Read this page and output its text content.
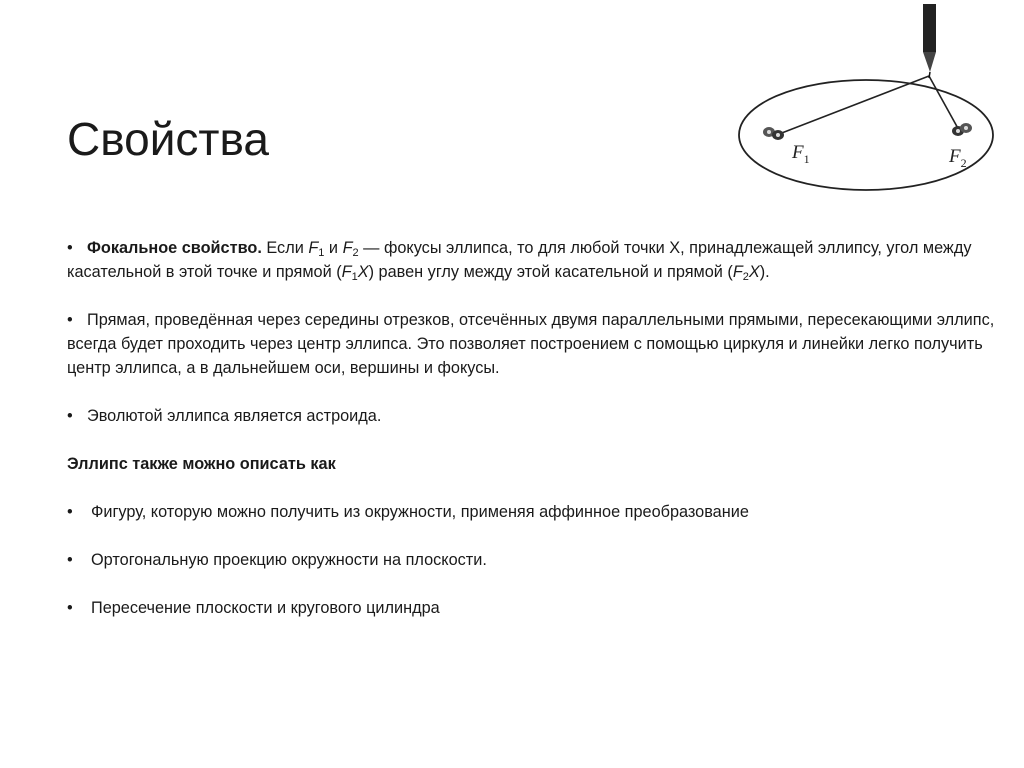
Свойства	$F_1$	$F_2$

• Фокальное свойство. Если $F_1$ и $F_2$ — фокусы эллипса, то для любой точки X, принадлежащей эллипсу, угол между касательной в этой точке и прямой $(F_1X)$ равен углу между этой касательной и прямой $(F_2X)$.

• Прямая, проведённая через середины отрезков, отсечённых двумя параллельными прямыми, пересекающими эллипс, всегда будет проходить через центр эллипса. Это позволяет построением с помощью циркуля и линейки легко получить центр эллипса, а в дальнейшем оси, вершины и фокусы.

• Эволютой эллипса является астроида.

Эллипс также можно описать как

• Фигуру, которую можно получить из окружности, применяя аффинное преобразование

• Ортогональную проекцию окружности на плоскости.

• Пересечение плоскости и кругового цилиндра
